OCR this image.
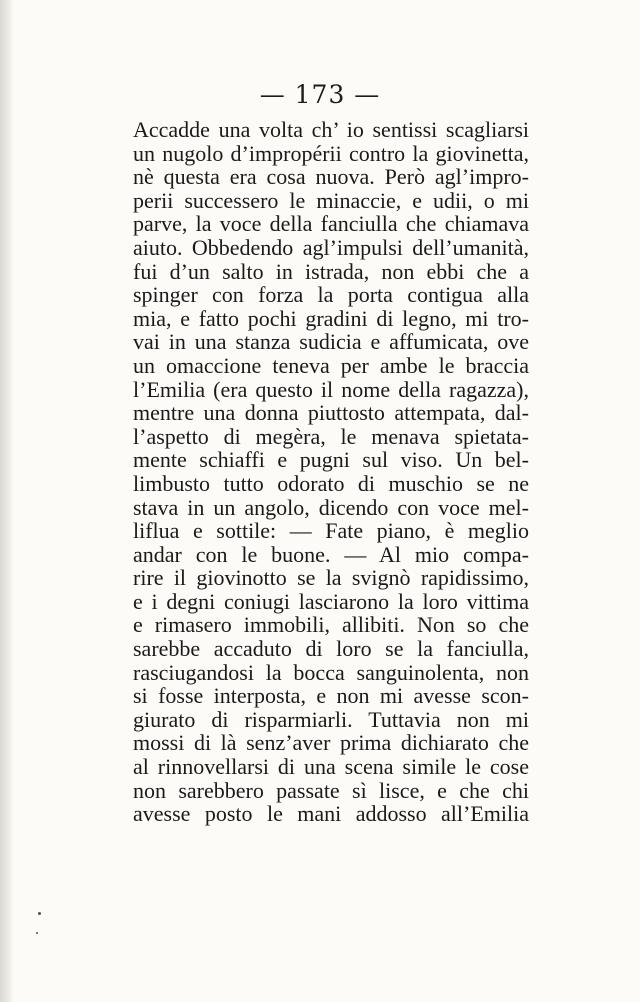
— 173 —
Accadde una volta ch’ io sentissi scagliarsi
un nugolo d’impropérii contro la giovinetta,
nè questa era cosa nuova. Però agl’impro-
perii successero le minaccie, e udii, o mi
parve, la voce della fanciulla che chiamava
aiuto. Obbedendo agl’impulsi dell’umanità,
fui d’un salto in istrada, non ebbi che a
spinger con forza la porta contigua alla
mia, e fatto pochi gradini di legno, mi tro-
vai in una stanza sudicia e affumicata, ove
un omaccione teneva per ambe le braccia
l’Emilia (era questo il nome della ragazza),
mentre una donna piuttosto attempata, dal-
l’aspetto di megèra, le menava spietata-
mente schiaffi e pugni sul viso. Un bel-
limbusto tutto odorato di muschio se ne
stava in un angolo, dicendo con voce mel-
liflua e sottile: — Fate piano, è meglio
andar con le buone. — Al mio compa-
rire il giovinotto se la svignò rapidissimo,
e i degni coniugi lasciarono la loro vittima
e rimasero immobili, allibiti. Non so che
sarebbe accaduto di loro se la fanciulla,
rasciugandosi la bocca sanguinolenta, non
si fosse interposta, e non mi avesse scon-
giurato di risparmiarli. Tuttavia non mi
mossi di là senz’aver prima dichiarato che
al rinnovellarsi di una scena simile le cose
non sarebbero passate sì lisce, e che chi
avesse posto le mani addosso all’Emilia
